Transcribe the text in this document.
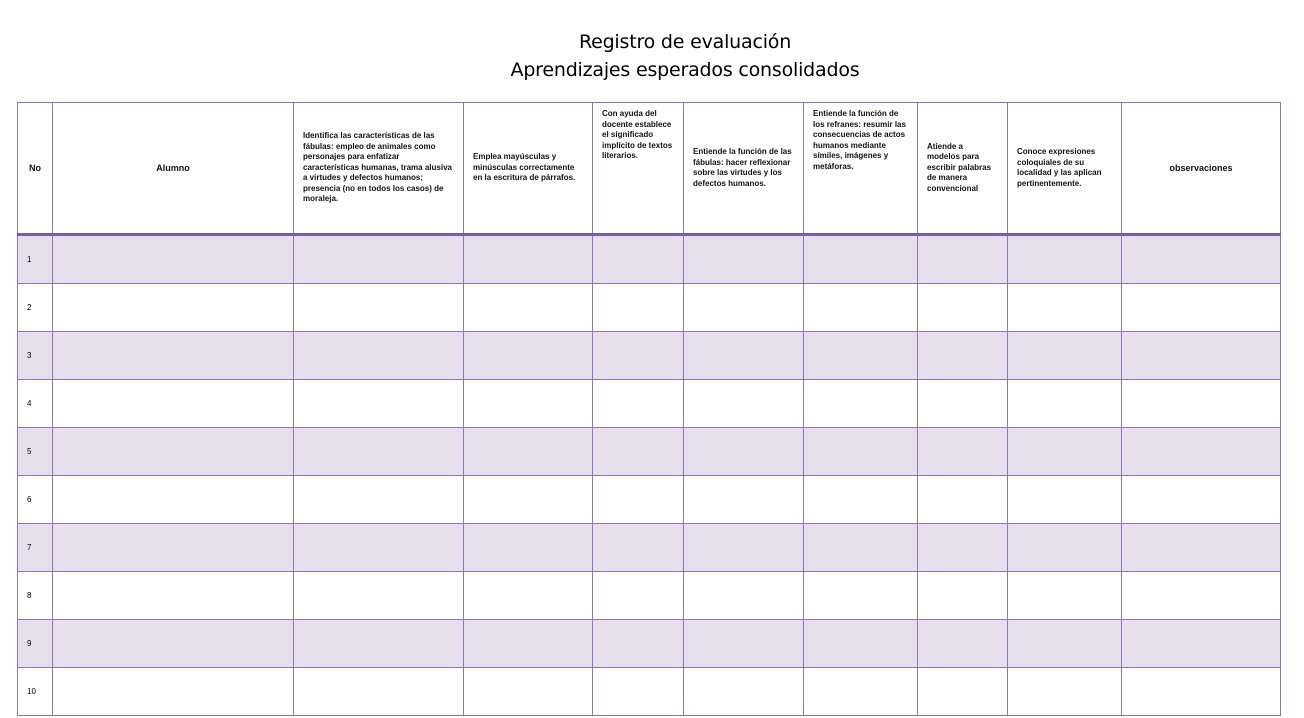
Registro de evaluación
Aprendizajes esperados consolidados
No	Alumno	Identifica las características de las fábulas: empleo de animales como personajes para enfatizar características humanas, trama alusiva a virtudes y defectos humanos; presencia (no en todos los casos) de moraleja.	Emplea mayúsculas y minúsculas correctamente en la escritura de párrafos.	Con ayuda del docente establece el significado implícito de textos literarios.	Entiende la función de las fábulas: hacer reflexionar sobre las virtudes y los defectos humanos.	Entiende la función de los refranes: resumir las consecuencias de actos humanos mediante símiles, imágenes y metáforas.	Atiende a modelos para escribir palabras de manera convencional	Conoce expresiones coloquiales de su localidad y las aplican pertinentemente.	observaciones
1									
2									
3									
4									
5									
6									
7									
8									
9									
10									
